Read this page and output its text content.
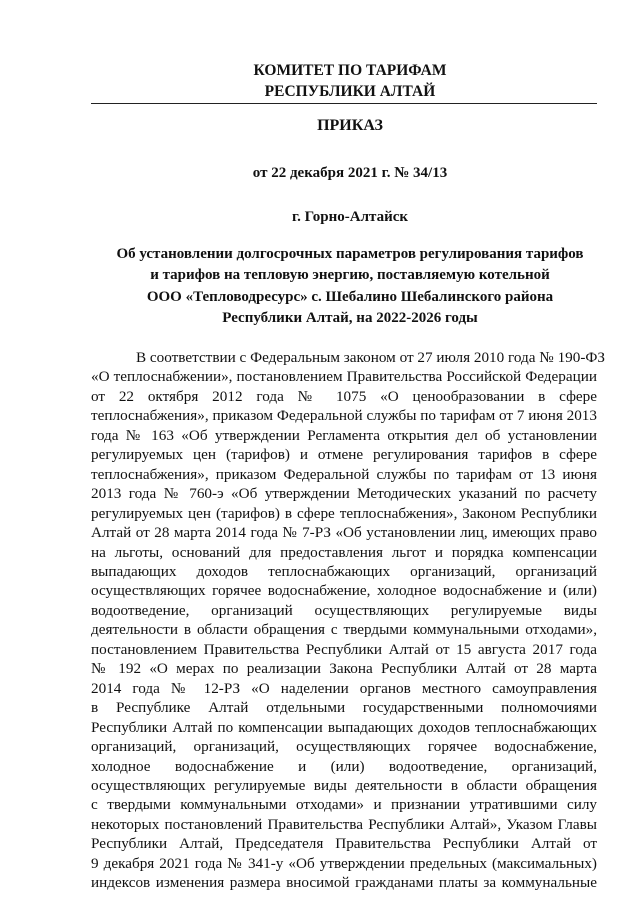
КОМИТЕТ ПО ТАРИФАМ
РЕСПУБЛИКИ АЛТАЙ
ПРИКАЗ
от 22 декабря 2021 г. № 34/13
г. Горно-Алтайск
Об установлении долгосрочных параметров регулирования тарифов
и тарифов на тепловую энергию, поставляемую котельной
ООО «Тепловодресурс» с. Шебалино Шебалинского района
Республики Алтай, на 2022-2026 годы
В соответствии с Федеральным законом от 27 июля 2010 года № 190-ФЗ
«О теплоснабжении», постановлением Правительства Российской Федерации
от 22 октября 2012 года № 1075 «О ценообразовании в сфере
теплоснабжения», приказом Федеральной службы по тарифам от 7 июня 2013
года № 163 «Об утверждении Регламента открытия дел об установлении
регулируемых цен (тарифов) и отмене регулирования тарифов в сфере
теплоснабжения», приказом Федеральной службы по тарифам от 13 июня
2013 года № 760-э «Об утверждении Методических указаний по расчету
регулируемых цен (тарифов) в сфере теплоснабжения», Законом Республики
Алтай от 28 марта 2014 года № 7-РЗ «Об установлении лиц, имеющих право
на льготы, оснований для предоставления льгот и порядка компенсации
выпадающих доходов теплоснабжающих организаций, организаций
осуществляющих горячее водоснабжение, холодное водоснабжение и (или)
водоотведение, организаций осуществляющих регулируемые виды
деятельности в области обращения с твердыми коммунальными отходами»,
постановлением Правительства Республики Алтай от 15 августа 2017 года
№ 192 «О мерах по реализации Закона Республики Алтай от 28 марта
2014 года № 12-РЗ «О наделении органов местного самоуправления
в Республике Алтай отдельными государственными полномочиями
Республики Алтай по компенсации выпадающих доходов теплоснабжающих
организаций, организаций, осуществляющих горячее водоснабжение,
холодное водоснабжение и (или) водоотведение, организаций,
осуществляющих регулируемые виды деятельности в области обращения
с твердыми коммунальными отходами» и признании утратившими силу
некоторых постановлений Правительства Республики Алтай», Указом Главы
Республики Алтай, Председателя Правительства Республики Алтай от
9 декабря 2021 года № 341-у «Об утверждении предельных (максимальных)
индексов изменения размера вносимой гражданами платы за коммунальные
